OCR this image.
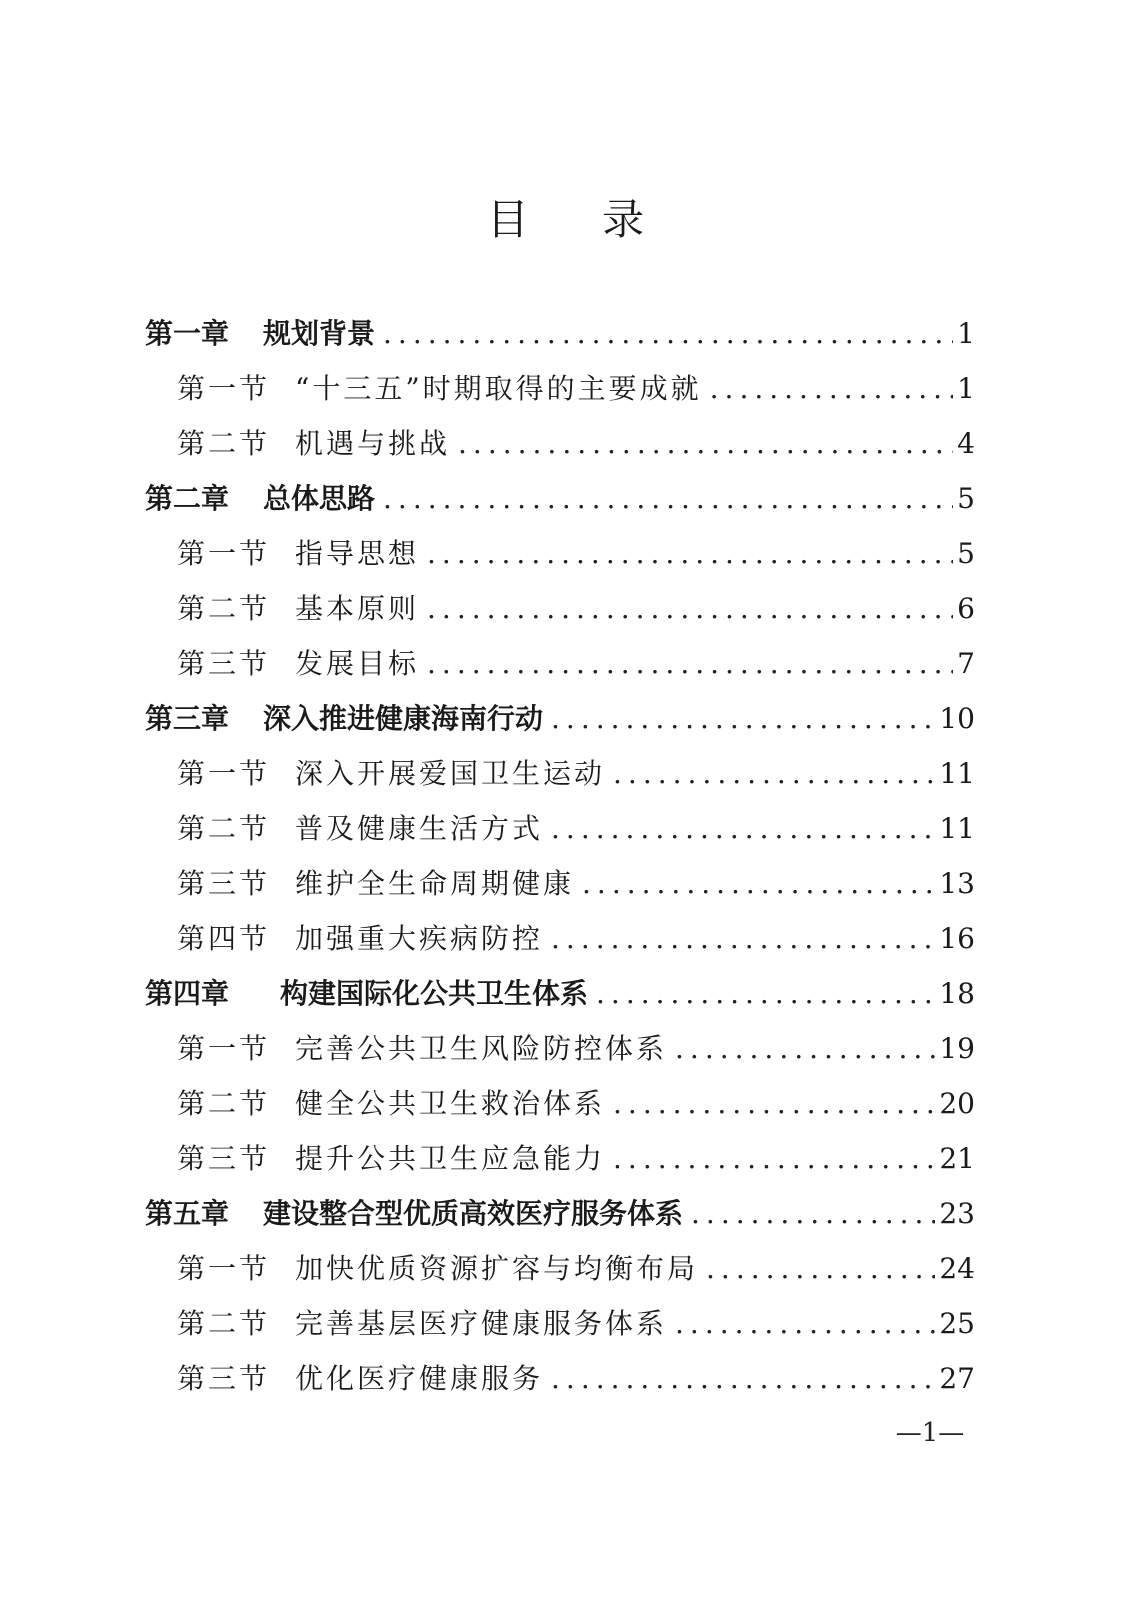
目 录
第一章	规划背景 .....	1
第一节 “十三五”时期取得的主要成就 .....	1
第二节 机遇与挑战 .....	4
第二章	总体思路 .....	5
第一节 指导思想 .....	5
第二节 基本原则 .....	6
第三节 发展目标 .....	7
第三章	深入推进健康海南行动 .....	10
第一节 深入开展爱国卫生运动 .....	11
第二节 普及健康生活方式 .....	11
第三节 维护全生命周期健康 .....	13
第四节 加强重大疾病防控 .....	16
第四章	构建国际化公共卫生体系 .....	18
第一节 完善公共卫生风险防控体系 .....	19
第二节 健全公共卫生救治体系 .....	20
第三节 提升公共卫生应急能力 .....	21
第五章	建设整合型优质高效医疗服务体系 .....	23
第一节 加快优质资源扩容与均衡布局 .....	24
第二节 完善基层医疗健康服务体系 .....	25
第三节 优化医疗健康服务 .....	27
—1—
